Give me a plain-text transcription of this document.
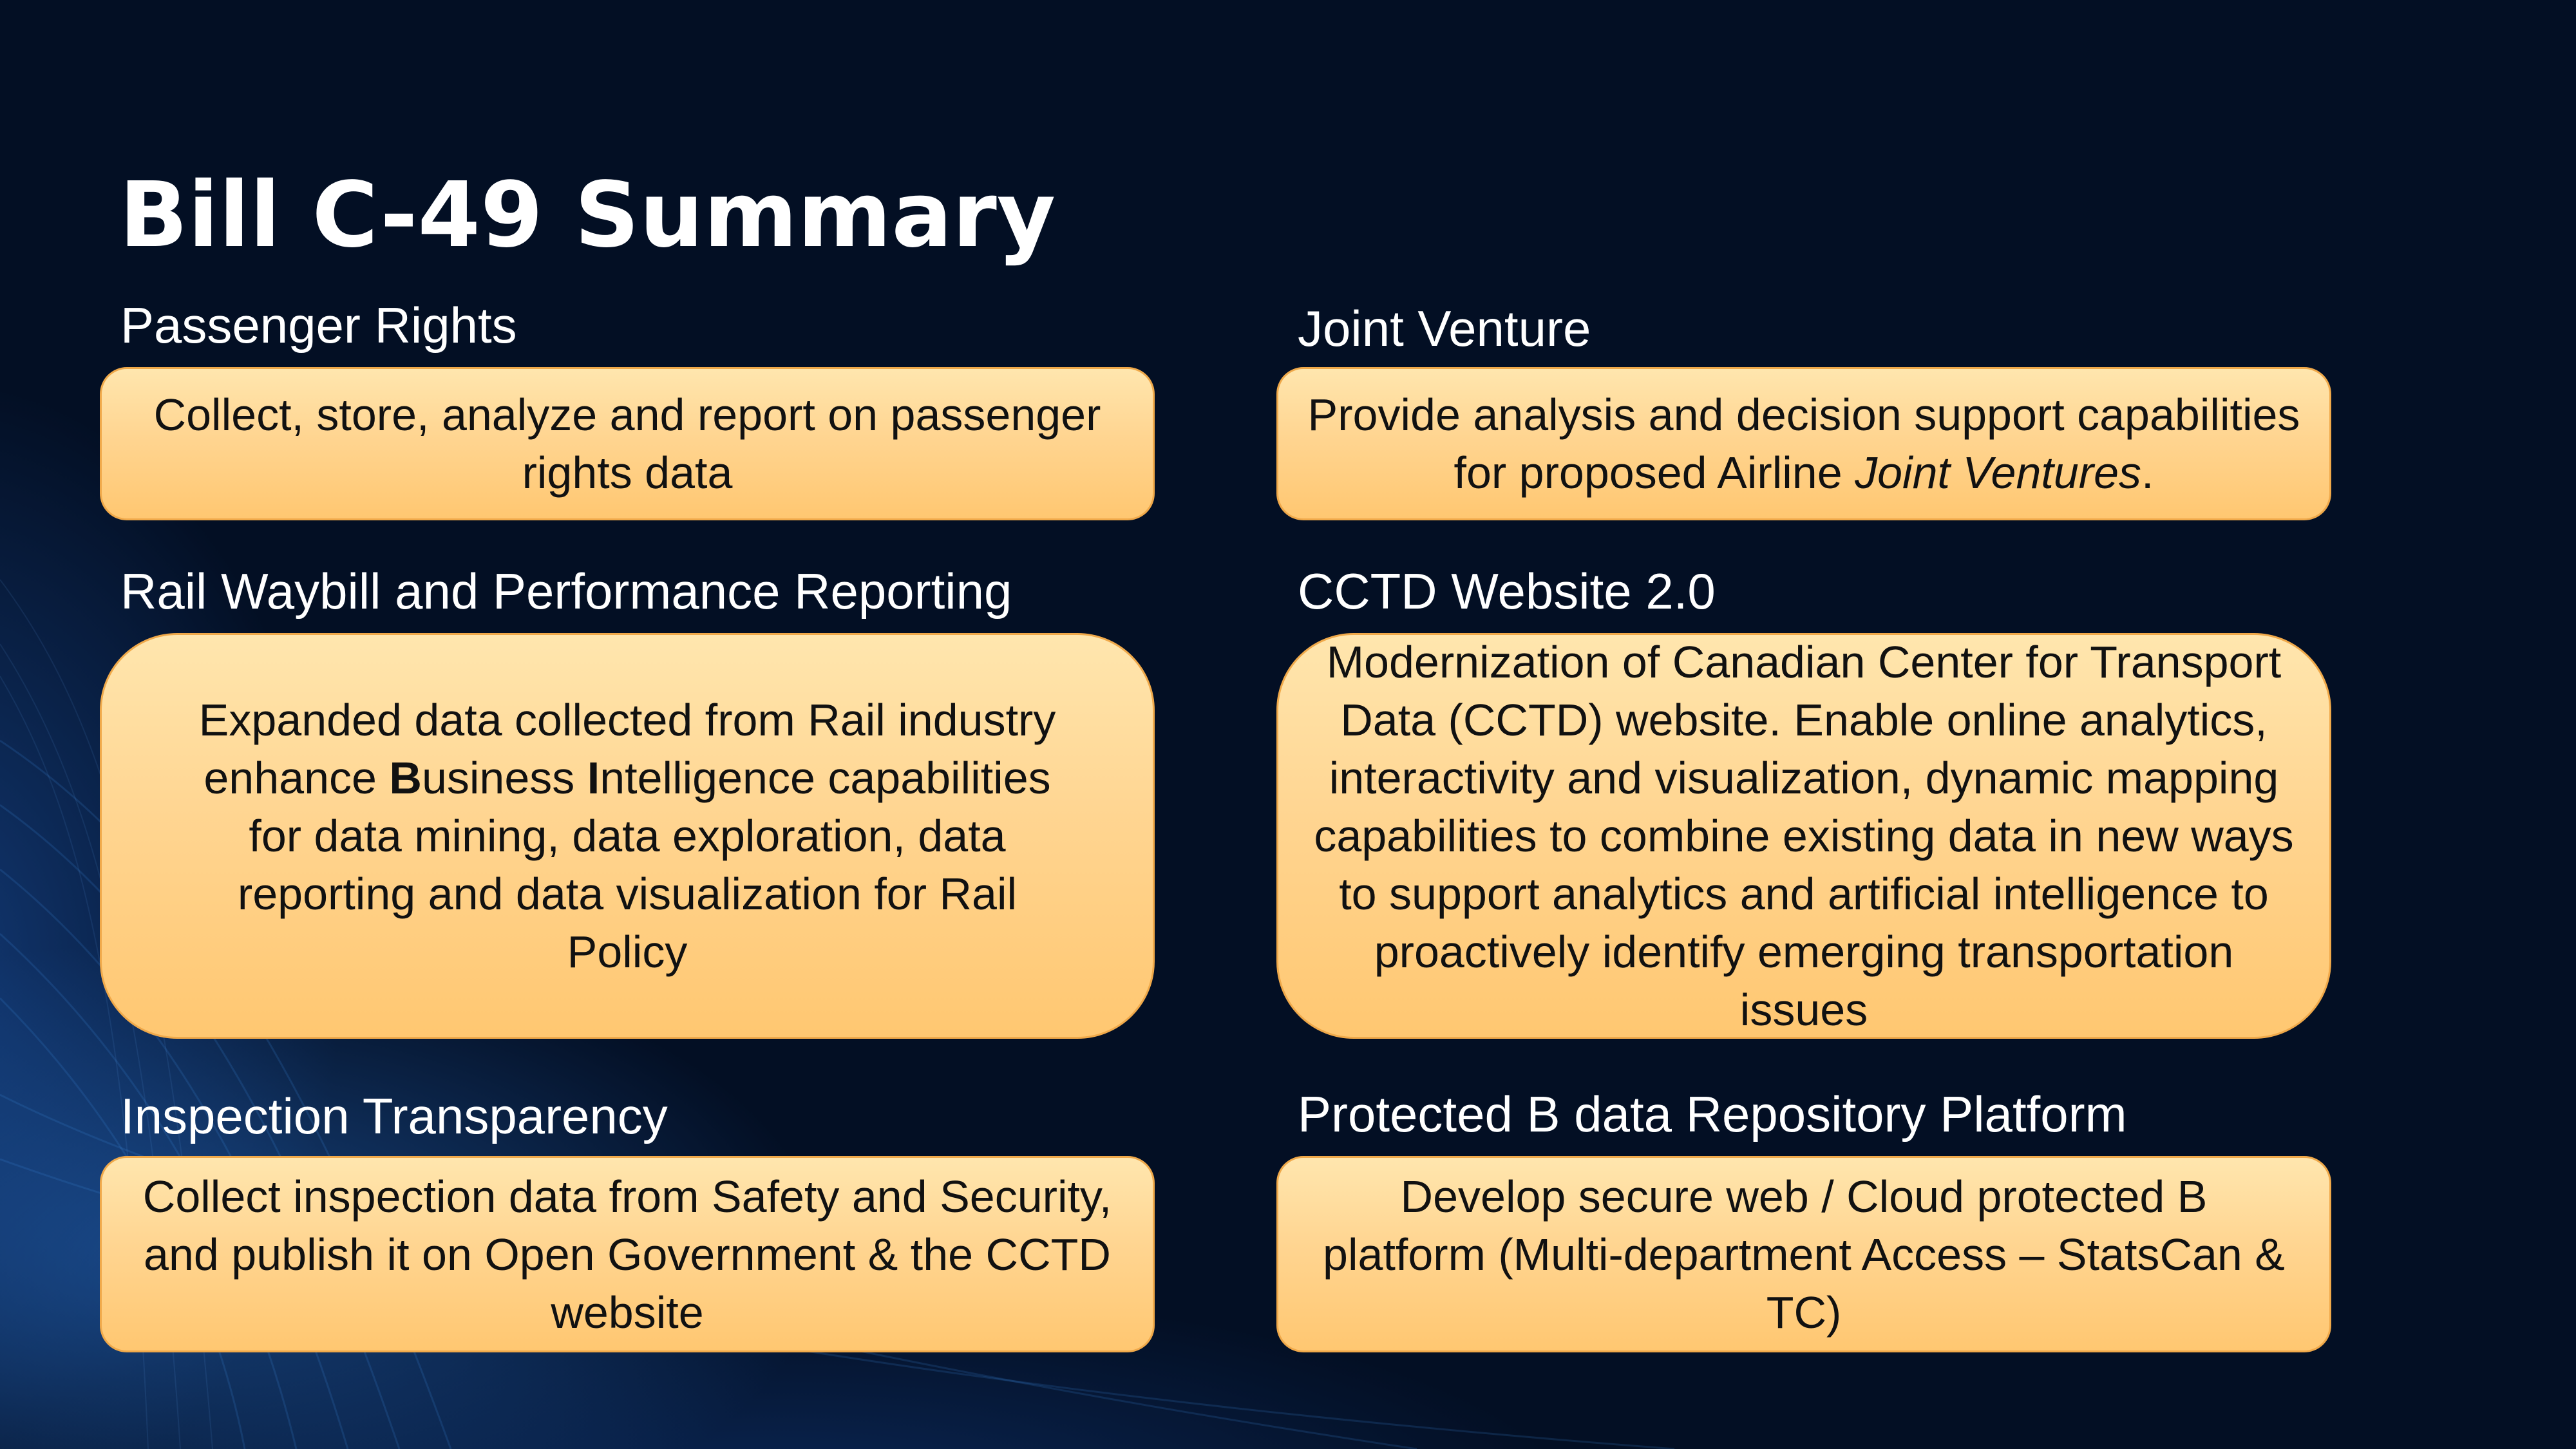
Bill C-49 Summary
Passenger Rights
Collect, store, analyze and report on passenger rights data
Joint Venture
Provide analysis and decision support capabilities for proposed Airline Joint Ventures.
Rail Waybill and Performance Reporting
Expanded data collected from Rail industry enhance Business Intelligence capabilities for data mining, data exploration, data reporting and data visualization for Rail Policy
CCTD Website 2.0
Modernization of Canadian Center for Transport Data (CCTD) website. Enable online analytics, interactivity and visualization, dynamic mapping capabilities to combine existing data in new ways to support analytics and artificial intelligence to proactively identify emerging transportation issues
Inspection Transparency
Collect inspection data from Safety and Security, and publish it on Open Government & the CCTD website
Protected B data Repository Platform
Develop secure web / Cloud protected B platform (Multi-department Access – StatsCan & TC)
